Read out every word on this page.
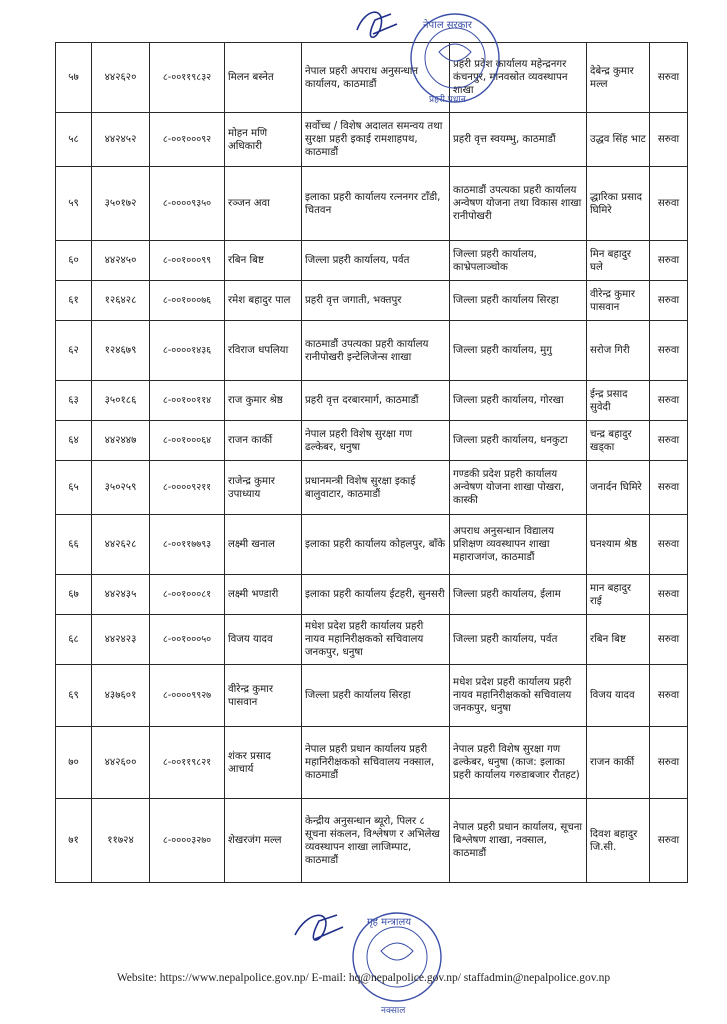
५७	४४२६२०	८-००११९८३२	मिलन बस्नेत	नेपाल प्रहरी अपराध अनुसन्धान कार्यालय, काठमाडौं	प्रहरी प्रदेश कार्यालय महेन्द्रनगर कंचनपुर, मानवस्रोत व्यवस्थापन शाखा	देबेन्द्र कुमार मल्ल	सरुवा
५८	४४२४५२	८-००१०००९२	मोहन मणि अधिकारी	सर्वोच्च / विशेष अदालत समन्वय तथा सुरक्षा प्रहरी इकाई रामशाहपथ, काठमाडौं	प्रहरी वृत्त स्वयम्भु, काठमाडौं	उद्धव सिंह भाट	सरुवा
५९	३५०१७२	८-००००९३५०	रञ्जन अवा	इलाका प्रहरी कार्यालय रत्ननगर टाँडी, चितवन	काठमाडौं उपत्यका प्रहरी कार्यालय अन्वेषण योजना तथा विकास शाखा रानीपोखरी	द्धारिका प्रसाद घिमिरे	सरुवा
६०	४४२४५०	८-००१०००९९	रबिन बिष्ट	जिल्ला प्रहरी कार्यालय, पर्वत	जिल्ला प्रहरी कार्यालय, काभ्रेपलाञ्चोक	मिन बहादुर घले	सरुवा
६१	१२६४२८	८-००१०००७६	रमेश बहादुर पाल	प्रहरी वृत्त जगाती, भक्तपुर	जिल्ला प्रहरी कार्यालय सिरहा	वीरेन्द्र कुमार पासवान	सरुवा
६२	१२४६७९	८-००००१४३६	रविराज धपलिया	काठमाडौं उपत्यका प्रहरी कार्यालय रानीपोखरी इन्टेलिजेन्स शाखा	जिल्ला प्रहरी कार्यालय, मुगु	सरोज गिरी	सरुवा
६३	३५०१८६	८-००१००११४	राज कुमार श्रेष्ठ	प्रहरी वृत्त दरबारमार्ग, काठमाडौं	जिल्ला प्रहरी कार्यालय, गोरखा	ईन्द्र प्रसाद सुवेदी	सरुवा
६४	४४२४४७	८-००१०००६४	राजन कार्की	नेपाल प्रहरी विशेष सुरक्षा गण ढल्केबर, धनुषा	जिल्ला प्रहरी कार्यालय, धनकुटा	चन्द्र बहादुर खड्का	सरुवा
६५	३५०२५९	८-००००९२११	राजेन्द्र कुमार उपाध्याय	प्रधानमन्त्री विशेष सुरक्षा इकाई बालुवाटार, काठमाडौं	गण्डकी प्रदेश प्रहरी कार्यालय अन्वेषण योजना शाखा पोखरा, कास्की	जनार्दन घिमिरे	सरुवा
६६	४४२६२८	८-००११७७९३	लक्ष्मी खनाल	इलाका प्रहरी कार्यालय कोहलपुर, बाँके	अपराध अनुसन्धान विद्यालय प्रशिक्षण व्यवस्थापन शाखा महाराजगंज, काठमाडौं	घनश्याम श्रेष्ठ	सरुवा
६७	४४२४३५	८-००१०००८१	लक्ष्मी भण्डारी	इलाका प्रहरी कार्यालय ईटहरी, सुनसरी	जिल्ला प्रहरी कार्यालय, ईलाम	मान बहादुर राई	सरुवा
६८	४४२४२३	८-००१०००५०	विजय यादव	मधेश प्रदेश प्रहरी कार्यालय प्रहरी नायव महानिरीक्षकको सचिवालय जनकपुर, धनुषा	जिल्ला प्रहरी कार्यालय, पर्वत	रबिन बिष्ट	सरुवा
६९	४३७६०१	८-००००९९२७	वीरेन्द्र कुमार पासवान	जिल्ला प्रहरी कार्यालय सिरहा	मधेश प्रदेश प्रहरी कार्यालय प्रहरी नायव महानिरीक्षकको सचिवालय जनकपुर, धनुषा	विजय यादव	सरुवा
७०	४४२६००	८-००११९८२१	शंकर प्रसाद आचार्य	नेपाल प्रहरी प्रधान कार्यालय प्रहरी महानिरीक्षकको सचिवालय नक्साल, काठमाडौं	नेपाल प्रहरी विशेष सुरक्षा गण ढल्केबर, धनुषा (काज: इलाका प्रहरी कार्यालय गरुडाबजार रौतहट)	राजन कार्की	सरुवा
७१	११७२४	८-००००३२७०	शेखरजंग मल्ल	केन्द्रीय अनुसन्धान ब्यूरो, पिलर ८ सूचना संकलन, विश्लेषण र अभिलेख व्यवस्थापन शाखा लाजिम्पाट, काठमाडौं	नेपाल प्रहरी प्रधान कार्यालय, सूचना बिश्लेषण शाखा, नक्साल, काठमाडौं	दिवश बहादुर जि.सी.	सरुवा
नेपाल सरकार
प्रहरी प्रधान
गृह मन्त्रालय
नक्साल
Website: https://www.nepalpolice.gov.np/ E-mail: hq@nepalpolice.gov.np/ staffadmin@nepalpolice.gov.np
